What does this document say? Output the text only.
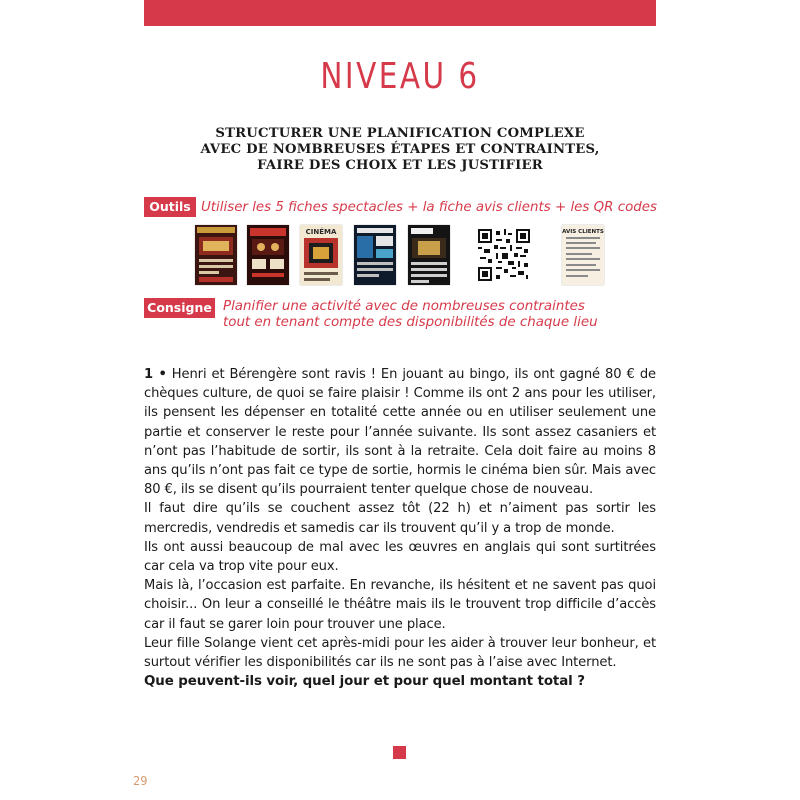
NIVEAU 6
STRUCTURER UNE PLANIFICATION COMPLEXE
AVEC DE NOMBREUSES ÉTAPES ET CONTRAINTES,
FAIRE DES CHOIX ET LES JUSTIFIER
Outils Utiliser les 5 fiches spectacles + la fiche avis clients + les QR codes
CINÉMA	AVIS CLIENTS
Consigne Planifier une activité avec de nombreuses contraintes
tout en tenant compte des disponibilités de chaque lieu

1 • Henri et Bérengère sont ravis ! En jouant au bingo, ils ont gagné 80 € de chèques culture, de quoi se faire plaisir ! Comme ils ont 2 ans pour les utiliser, ils pensent les dépenser en totalité cette année ou en utiliser seulement une partie et conserver le reste pour l’année suivante. Ils sont assez casaniers et n’ont pas l’habitude de sortir, ils sont à la retraite. Cela doit faire au moins 8 ans qu’ils n’ont pas fait ce type de sortie, hormis le cinéma bien sûr. Mais avec 80 €, ils se disent qu’ils pourraient tenter quelque chose de nouveau.

Il faut dire qu’ils se couchent assez tôt (22 h) et n’aiment pas sortir les mercredis, vendredis et samedis car ils trouvent qu’il y a trop de monde.

Ils ont aussi beaucoup de mal avec les œuvres en anglais qui sont surtitrées car cela va trop vite pour eux.

Mais là, l’occasion est parfaite. En revanche, ils hésitent et ne savent pas quoi choisir... On leur a conseillé le théâtre mais ils le trouvent trop difficile d’accès car il faut se garer loin pour trouver une place.

Leur fille Solange vient cet après-midi pour les aider à trouver leur bonheur, et surtout vérifier les disponibilités car ils ne sont pas à l’aise avec Internet.

Que peuvent-ils voir, quel jour et pour quel montant total ?

29
